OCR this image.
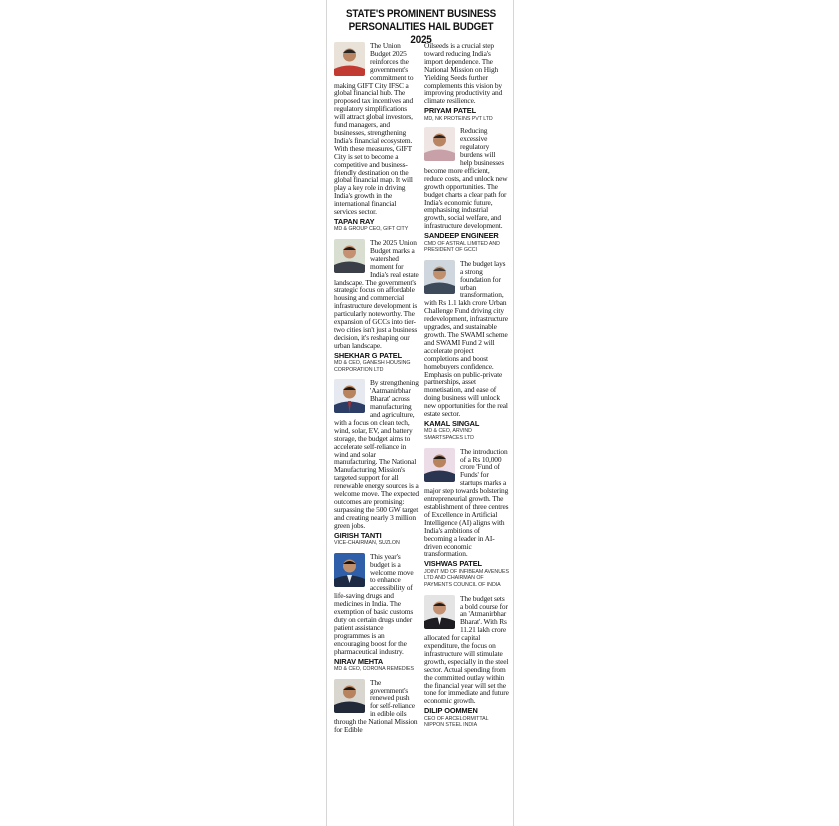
STATE'S PROMINENT BUSINESS PERSONALITIES HAIL BUDGET 2025
The Union Budget 2025 reinforces the government's commitment to making GIFT City IFSC a global financial hub. The proposed tax incentives and regulatory simplifications will attract global investors, fund managers, and businesses, strengthening India's financial ecosystem. With these measures, GIFT City is set to become a competitive and business-friendly destination on the global financial map. It will play a key role in driving India's growth in the international financial services sector.
TAPAN RAY
MD & GROUP CEO, GIFT CITY
The 2025 Union Budget marks a watershed moment for India's real estate landscape. The government's strategic focus on affordable housing and commercial infrastructure development is particularly noteworthy. The expansion of GCCs into tier-two cities isn't just a business decision, it's reshaping our urban landscape.
SHEKHAR G PATEL
MD & CEO, GANESH HOUSING CORPORATION LTD
By strengthening 'Aatmanirbhar Bharat' across manufacturing and agriculture, with a focus on clean tech, wind, solar, EV, and battery storage, the budget aims to accelerate self-reliance in wind and solar manufacturing. The National Manufacturing Mission's targeted support for all renewable energy sources is a welcome move. The expected outcomes are promising: surpassing the 500 GW target and creating nearly 3 million green jobs.
GIRISH TANTI
VICE-CHAIRMAN, SUZLON
This year's budget is a welcome move to enhance accessibility of life-saving drugs and medicines in India. The exemption of basic customs duty on certain drugs under patient assistance programmes is an encouraging boost for the pharmaceutical industry.
NIRAV MEHTA
MD & CEO, CORONA REMEDIES
The government's renewed push for self-reliance in edible oils through the National Mission for Edible
Oilseeds is a crucial step toward reducing India's import dependence. The National Mission on High Yielding Seeds further complements this vision by improving productivity and climate resilience.
PRIYAM PATEL
MD, NK PROTEINS PVT LTD
Reducing excessive regulatory burdens will help businesses become more efficient, reduce costs, and unlock new growth opportunities. The budget charts a clear path for India's economic future, emphasising industrial growth, social welfare, and infrastructure development.
SANDEEP ENGINEER
CMD OF ASTRAL LIMITED AND PRESIDENT OF GCCI
The budget lays a strong foundation for urban transformation, with Rs 1.1 lakh crore Urban Challenge Fund driving city redevelopment, infrastructure upgrades, and sustainable growth. The SWAMI scheme and SWAMI Fund 2 will accelerate project completions and boost homebuyers confidence. Emphasis on public-private partnerships, asset monetisation, and ease of doing business will unlock new opportunities for the real estate sector.
KAMAL SINGAL
MD & CEO, ARVIND SMARTSPACES LTD
The introduction of a Rs 10,000 crore 'Fund of Funds' for startups marks a major step towards bolstering entrepreneurial growth. The establishment of three centres of Excellence in Artificial Intelligence (AI) aligns with India's ambitions of becoming a leader in AI-driven economic transformation.
VISHWAS PATEL
JOINT MD OF INFIBEAM AVENUES LTD AND CHAIRMAN OF PAYMENTS COUNCIL OF INDIA
The budget sets a bold course for an 'Atmanirbhar Bharat'. With Rs 11.21 lakh crore allocated for capital expenditure, the focus on infrastructure will stimulate growth, especially in the steel sector. Actual spending from the committed outlay within the financial year will set the tone for immediate and future economic growth.
DILIP OOMMEN
CEO OF ARCELORMITTAL NIPPON STEEL INDIA
